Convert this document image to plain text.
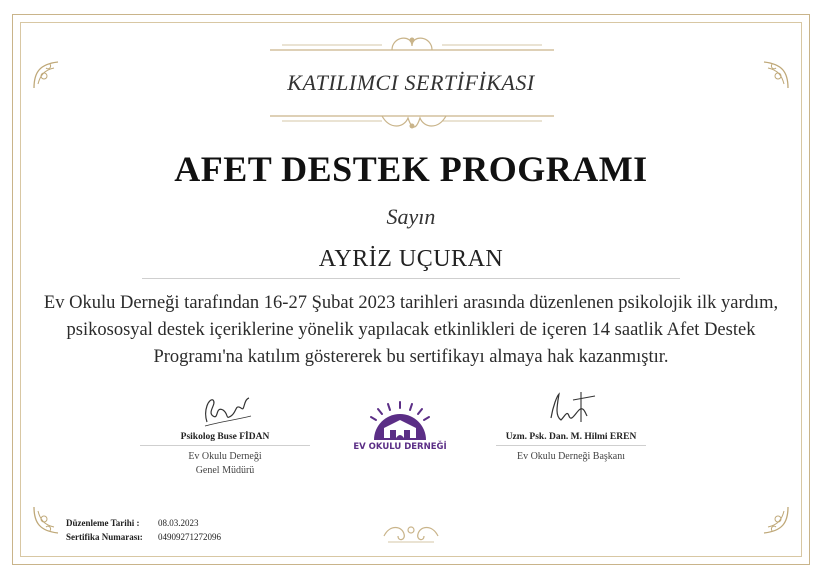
KATILIMCI SERTİFİKASI
AFET DESTEK PROGRAMI
Sayın
AYRİZ UÇURAN
Ev Okulu Derneği tarafından 16-27 Şubat 2023 tarihleri arasında düzenlenen psikolojik ilk yardım, psikososyal destek içeriklerine yönelik yapılacak etkinlikleri de içeren 14 saatlik Afet Destek Programı'na katılım göstererek bu sertifikayı almaya hak kazanmıştır.
Psikolog Buse FİDAN
Ev Okulu Derneği
Genel Müdürü
EV OKULU DERNEĞİ
Uzm. Psk. Dan. M. Hilmi EREN
Ev Okulu Derneği Başkanı
Düzenleme Tarihi :	08.03.2023
Sertifika Numarası:	04909271272096
